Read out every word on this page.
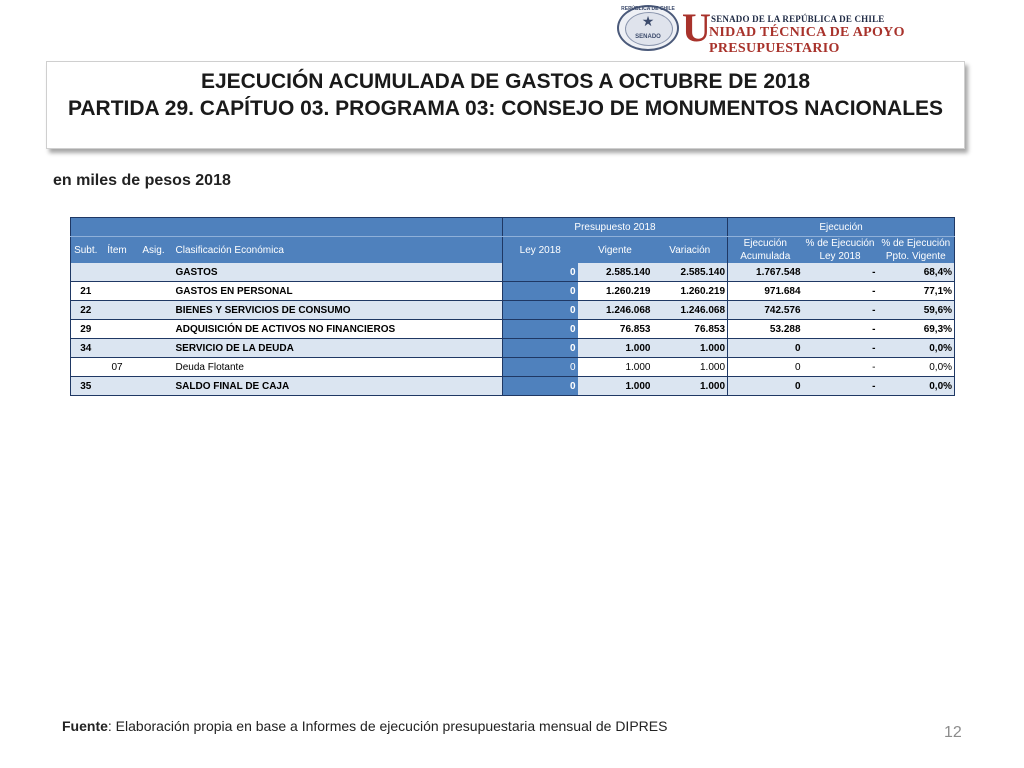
REPÚBLICA DE CHILE
★
SENADO U SENADO DE LA REPÚBLICA DE CHILE
NIDAD TÉCNICA DE APOYO PRESUPUESTARIO
EJECUCIÓN ACUMULADA DE GASTOS A OCTUBRE DE 2018
PARTIDA 29. CAPÍTUO 03. PROGRAMA 03: CONSEJO DE MONUMENTOS NACIONALES
en miles de pesos 2018
				Presupuesto 2018			Ejecución		
Subt.	Ítem	Asig.	Clasificación Económica	Ley 2018	Vigente	Variación	Ejecución Acumulada	% de Ejecución Ley 2018	% de Ejecución Ppto. Vigente
			GASTOS	0	2.585.140	2.585.140	1.767.548	-	68,4%
21			GASTOS EN PERSONAL	0	1.260.219	1.260.219	971.684	-	77,1%
22			BIENES Y SERVICIOS DE CONSUMO	0	1.246.068	1.246.068	742.576	-	59,6%
29			ADQUISICIÓN DE ACTIVOS NO FINANCIEROS	0	76.853	76.853	53.288	-	69,3%
34			SERVICIO DE LA DEUDA	0	1.000	1.000	0	-	0,0%
	07		Deuda Flotante	0	1.000	1.000	0	-	0,0%
35			SALDO FINAL DE CAJA	0	1.000	1.000	0	-	0,0%
Fuente: Elaboración propia en base a Informes de ejecución presupuestaria mensual de DIPRES	12
